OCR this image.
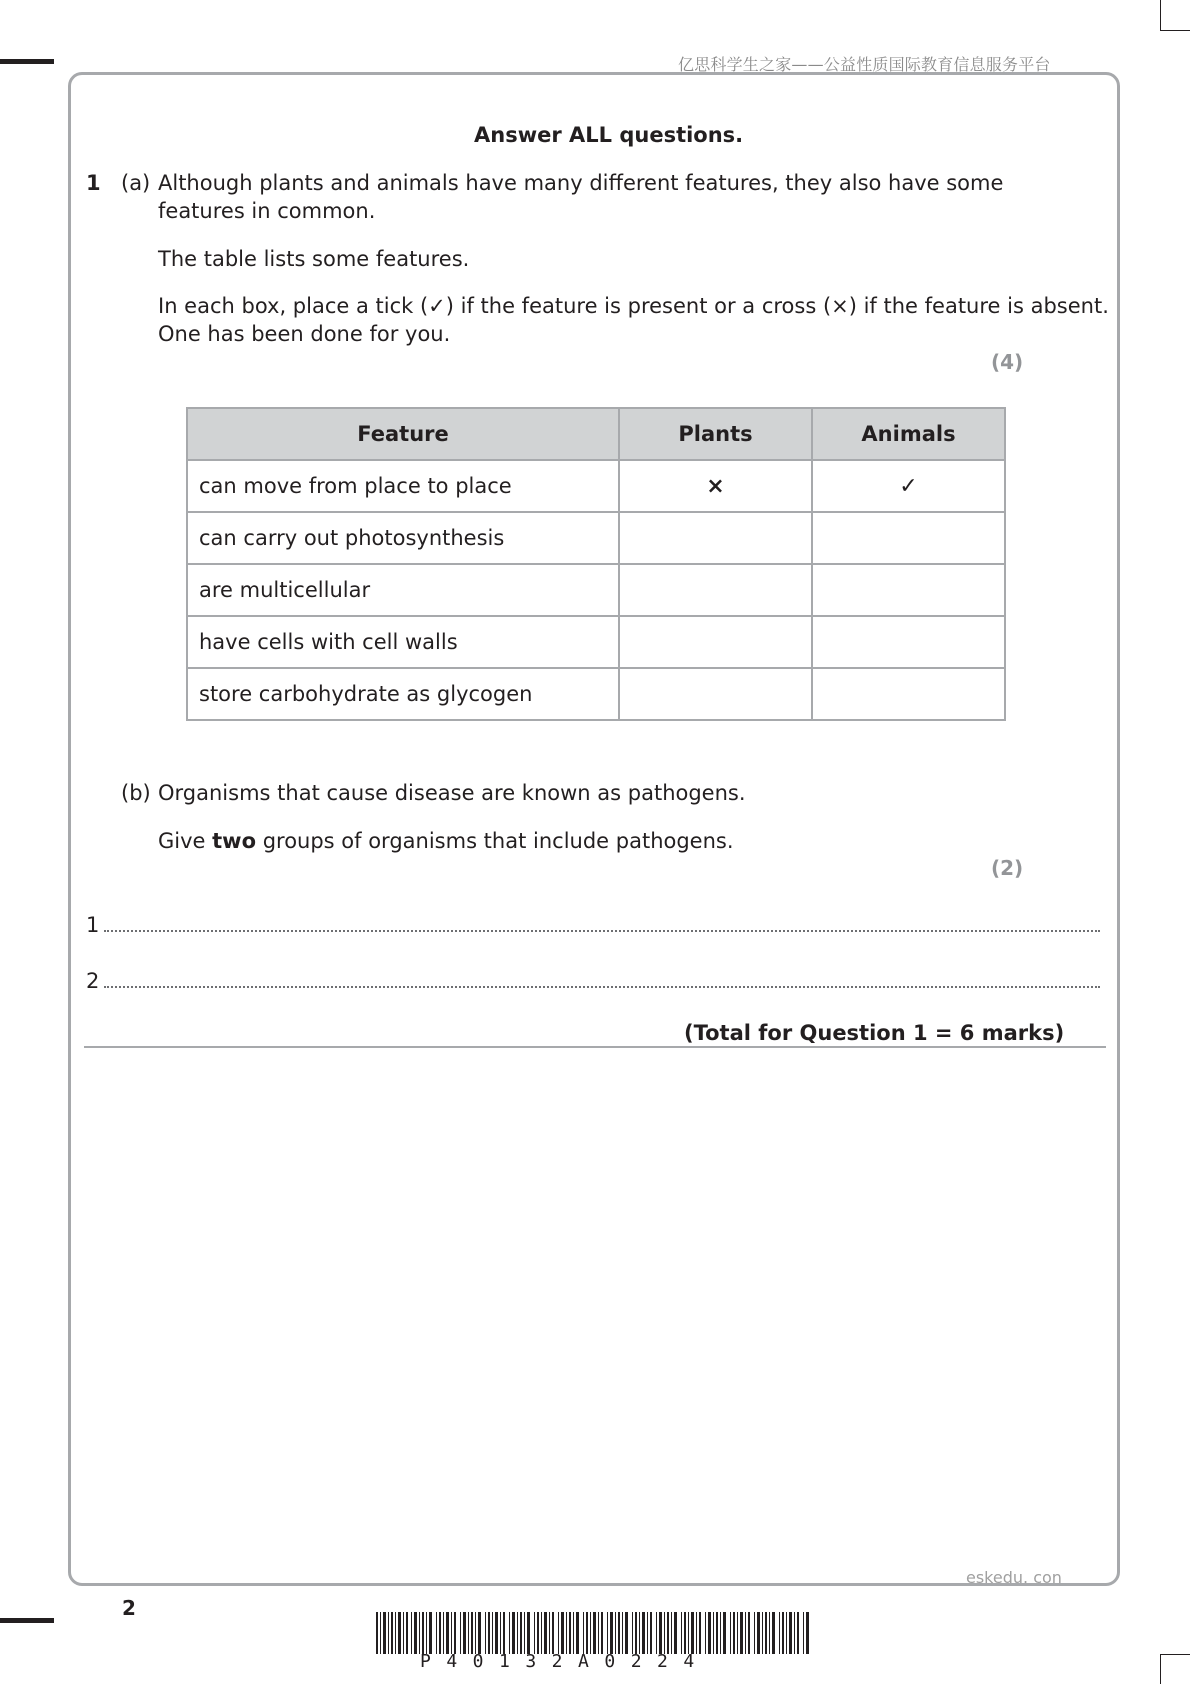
亿思科学生之家——公益性质国际教育信息服务平台
Answer ALL questions.
1 (a) Although plants and animals have many different features, they also have some
features in common.
The table lists some features.
In each box, place a tick (✓) if the feature is present or a cross (×) if the feature is absent.
One has been done for you.
(4)
Feature	Plants	Animals
can move from place to place	×	✓
can carry out photosynthesis		
are multicellular		
have cells with cell walls		
store carbohydrate as glycogen		
(b) Organisms that cause disease are known as pathogens.
Give two groups of organisms that include pathogens.
(2)
1
2
(Total for Question 1 = 6 marks)
eskedu. con
2
P40132A0224
